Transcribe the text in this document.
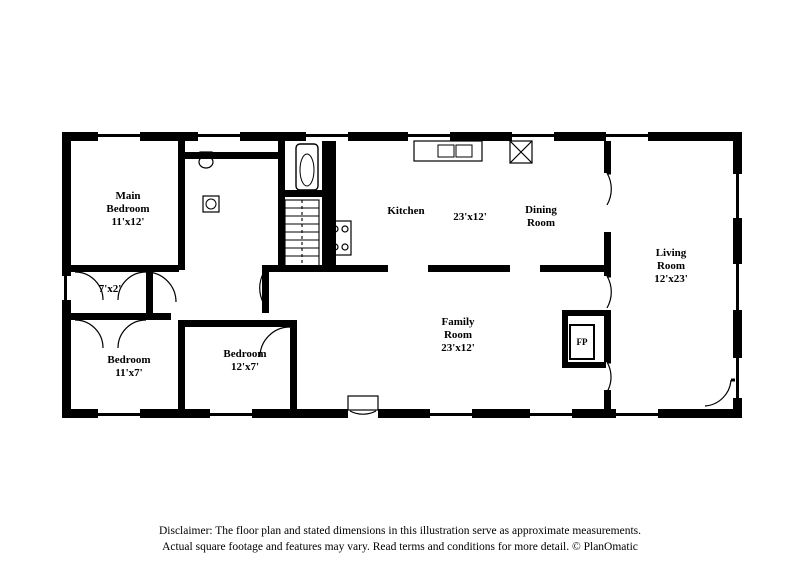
FP
Main
Bedroom
11'x12'
7'x2'
Bedroom
11'x7'
Bedroom
12'x7'
Kitchen	23'x12'
Dining
Room
Family
Room
23'x12'
Living
Room
12'x23'
Disclaimer: The floor plan and stated dimensions in this illustration serve as approximate measurements.
Actual square footage and features may vary. Read terms and conditions for more detail. © PlanOmatic
